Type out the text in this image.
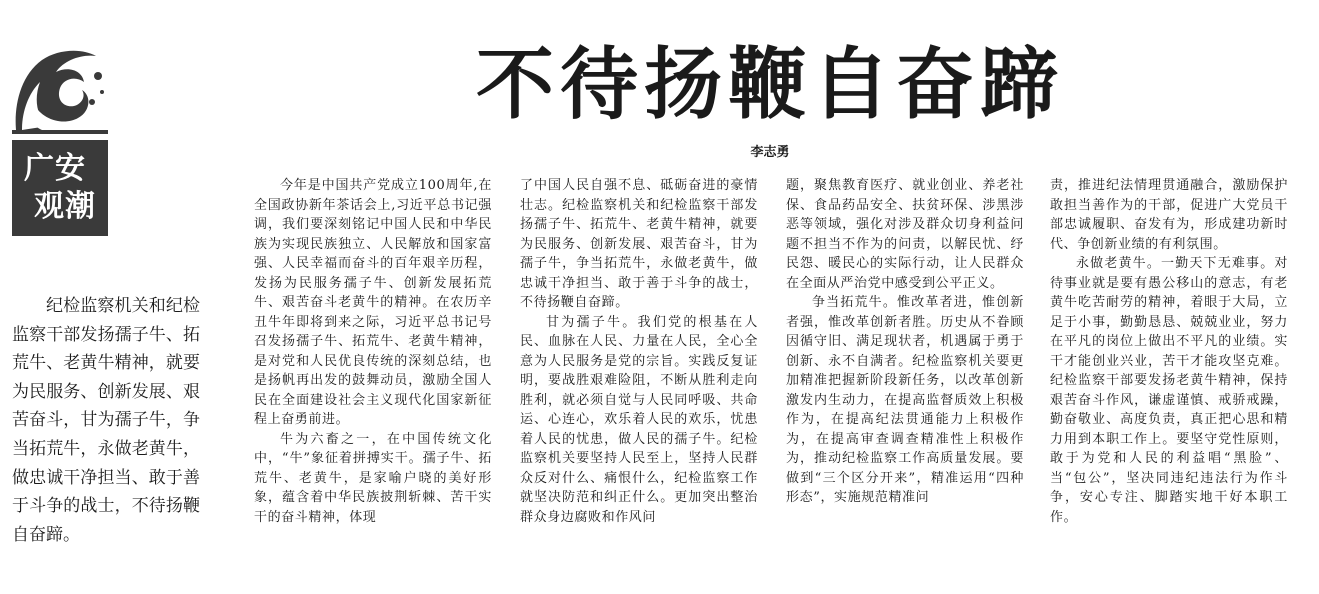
广安
观潮
纪检监察机关和纪检监察干部发扬孺子牛、拓荒牛、老黄牛精神，就要为民服务、创新发展、艰苦奋斗，甘为孺子牛，争当拓荒牛，永做老黄牛，做忠诚干净担当、敢于善于斗争的战士，不待扬鞭自奋蹄。
不待扬鞭自奋蹄
李志勇

今年是中国共产党成立100周年,在全国政协新年茶话会上,习近平总书记强调，我们要深刻铭记中国人民和中华民族为实现民族独立、人民解放和国家富强、人民幸福而奋斗的百年艰辛历程，发扬为民服务孺子牛、创新发展拓荒牛、艰苦奋斗老黄牛的精神。在农历辛丑牛年即将到来之际，习近平总书记号召发扬孺子牛、拓荒牛、老黄牛精神，是对党和人民优良传统的深刻总结，也是扬帆再出发的鼓舞动员，激励全国人民在全面建设社会主义现代化国家新征程上奋勇前进。

牛为六畜之一，在中国传统文化中，“牛”象征着拼搏实干。孺子牛、拓荒牛、老黄牛，是家喻户晓的美好形象，蕴含着中华民族披荆斩棘、苦干实干的奋斗精神，体现

了中国人民自强不息、砥砺奋进的豪情壮志。纪检监察机关和纪检监察干部发扬孺子牛、拓荒牛、老黄牛精神，就要为民服务、创新发展、艰苦奋斗，甘为孺子牛，争当拓荒牛，永做老黄牛，做忠诚干净担当、敢于善于斗争的战士，不待扬鞭自奋蹄。

甘为孺子牛。我们党的根基在人民、血脉在人民、力量在人民，全心全意为人民服务是党的宗旨。实践反复证明，要战胜艰难险阻，不断从胜利走向胜利，就必须自觉与人民同呼吸、共命运、心连心，欢乐着人民的欢乐，忧患着人民的忧患，做人民的孺子牛。纪检监察机关要坚持人民至上，坚持人民群众反对什么、痛恨什么，纪检监察工作就坚决防范和纠正什么。更加突出整治群众身边腐败和作风问

题，聚焦教育医疗、就业创业、养老社保、食品药品安全、扶贫环保、涉黑涉恶等领域，强化对涉及群众切身利益问题不担当不作为的问责，以解民忧、纾民怨、暖民心的实际行动，让人民群众在全面从严治党中感受到公平正义。

争当拓荒牛。惟改革者进，惟创新者强，惟改革创新者胜。历史从不眷顾因循守旧、满足现状者，机遇属于勇于创新、永不自满者。纪检监察机关要更加精准把握新阶段新任务，以改革创新激发内生动力，在提高监督质效上积极作为，在提高纪法贯通能力上积极作为，在提高审查调查精准性上积极作为，推动纪检监察工作高质量发展。要做到“三个区分开来”，精准运用“四种形态”，实施规范精准问

责，推进纪法情理贯通融合，激励保护敢担当善作为的干部，促进广大党员干部忠诚履职、奋发有为，形成建功新时代、争创新业绩的有利氛围。

永做老黄牛。一勤天下无难事。对待事业就是要有愚公移山的意志，有老黄牛吃苦耐劳的精神，着眼于大局，立足于小事，勤勤恳恳、兢兢业业，努力在平凡的岗位上做出不平凡的业绩。实干才能创业兴业，苦干才能攻坚克难。纪检监察干部要发扬老黄牛精神，保持艰苦奋斗作风，谦虚谨慎、戒骄戒躁，勤奋敬业、高度负责，真正把心思和精力用到本职工作上。要坚守党性原则，敢于为党和人民的利益唱“黑脸”、当“包公”，坚决同违纪违法行为作斗争，安心专注、脚踏实地干好本职工作。
